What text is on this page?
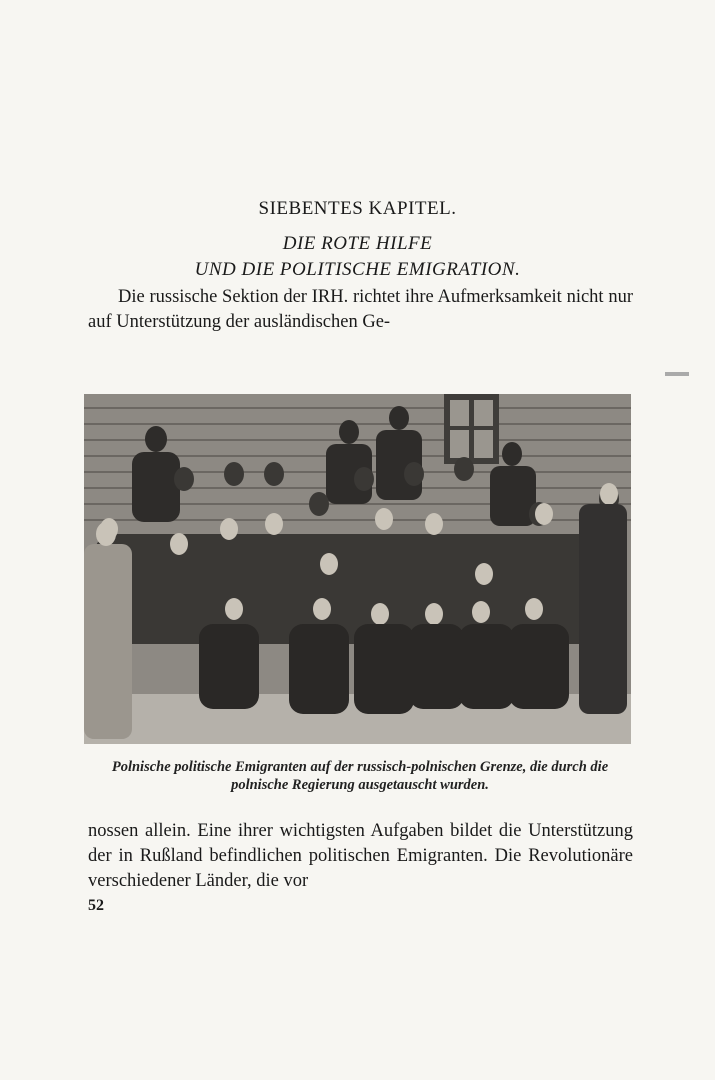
SIEBENTES KAPITEL.
DIE ROTE HILFE
UND DIE POLITISCHE EMIGRATION.
Die russische Sektion der IRH. richtet ihre Aufmerksamkeit nicht nur auf Unterstützung der ausländischen Ge-
Polnische politische Emigranten auf der russisch-polnischen Grenze, die durch die polnische Regierung ausgetauscht wurden.
nossen allein. Eine ihrer wichtigsten Aufgaben bildet die Unterstützung der in Rußland befindlichen politischen Emigranten. Die Revolutionäre verschiedener Länder, die vor
52
